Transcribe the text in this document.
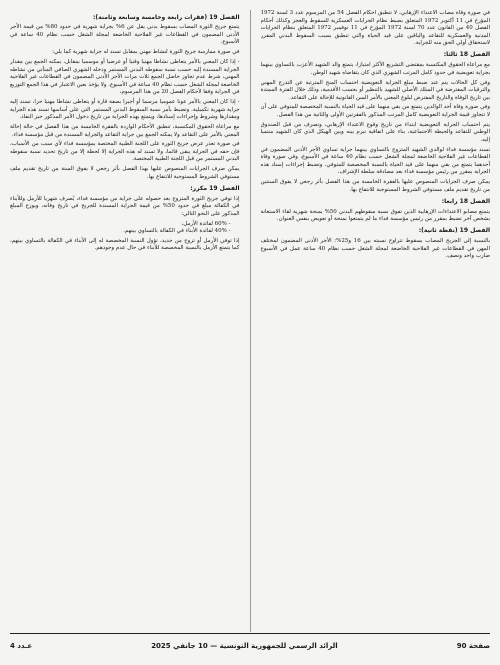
في صورة وفاة مصاب الاعتداء الإرهابي، لا تنطبق أحكام الفصل 54 من المرسوم عدد 3 لسنة 1972 المؤرخ في 11 أكتوبر 1972 المتعلق بضبط نظام الجرايات العسكرية للسقوط والعجز وكذلك أحكام الفصل 40 من القانون عدد 70 لسنة 1972 المؤرخ في 11 نوفمبر 1972 المتعلق بنظام الجرايات المدنية والعسكرية للتقاعد والباقين على قيد الحياة والتي تنطبق بسبب السقوط البدني المقرر لاستحقاق أولي الحق منه للجراية.

الفصل 18 ثالثا:

مع مراعاة الحقوق المكتسبة بمقتضى التشريع الأكثر امتيازا، يتمتع والد الشهيد الأعزب بالتساوي بينهما بجراية تعويضية في حدود كامل المرتب الشهري الذي كان يتقاضاه شهيد الوطن.

وفي كل الحالات يتم عند ضبط مبلغ الجراية التعويضية احتساب المنح المترتبة عن التدرج المهني والترقيات المفترضة في السلك الأصلي للشهيد بالتنظير أو بحسب الأقدمية، وذلك خلال الفترة الممتدة بين تاريخ الوفاة والتاريخ المفترض لبلوغ المعني بالأمر السن القانونية للإحالة على التقاعد.

وفي صورة وفاة أحد الوالدين يتمتع من بقي منهما على قيد الحياة بالنسبة المخصصة للمتوفي على أن لا تتجاوز قيمة الجراية التعويضية كامل المرتب المذكور بالفقرتين الأولى والثانية من هذا الفصل.

يتم احتساب الجراية التعويضية ابتداء من تاريخ وقوع الاعتداء الإرهابي، وتصرف من قبل الصندوق الوطني للتقاعد والحيطة الاجتماعية، بناء على اتفاقية تبرم بينه وبين الهيكل الذي كان الشهيد منتميا إليه.

تسند مؤسسة فداء لوالدي الشهيد المتزوج بالتساوي بينهما جراية تساوي الأجر الأدنى المضمون في القطاعات غير الفلاحية الخاضعة لمجلة الشغل حسب نظام 40 ساعة في الأسبوع، وفي صورة وفاة أحدهما يتمتع من بقي منهما على قيد الحياة بالنسبة المخصصة للمتوفي. وتضبط إجراءات إسناد هذه الجراية بمقرر من رئيس مؤسسة فداء بعد مصادقة سلطة الإشراف.

يمكن صرف الجرايات المنصوص عليها بالفقرة الخامسة من هذا الفصل بأثر رجعي لا يفوق السنتين من تاريخ تقديم ملف مستوفي الشروط المستوجبة للانتفاع بها.

الفصل 18 رابعا:

يتمتع مصابو الاعتداءات الإرهابية الذين تفوق نسبة سقوطهم البدني 50% بمنحة شهرية لقاء الاستعانة بشخص آخر تضبط بمقرر من رئيس مؤسسة فداء ما لم يتمتعوا بمنحة أو تعويض بنفس العنوان.

الفصل 19 (نقطة ثانية):

بالنسبة إلى الجريح المصاب بسقوط تتراوح نسبته بين 16 و25%: الأجر الأدنى المضمون لمختلف المهن في القطاعات غير الفلاحية الخاضعة لمجلة الشغل حسب نظام 40 ساعة عمل في الأسبوع ضارب واحد ونصف.

الفصل 19 (فقرات رابعة وخامسة وسابعة وثامنة):

يتمتع جريح الثورة المصاب بسقوط بدني يقل عن 6% بجراية شهرية في حدود 80% من قيمة الأجر الأدنى المضمون في القطاعات غير الفلاحية الخاضعة لمجلة الشغل حسب نظام 40 ساعة في الأسبوع.

في صورة ممارسة جريح الثورة لنشاط مهني بمقابل تسند له جراية شهرية كما يلي:

- إذا كان المعني بالأمر يتعاطى نشاطا مهنيا وقتيا أو عرضيا أو موسميا بمقابل، يمكنه الجمع بين مقدار الجراية المسندة إليه حسب نسبة سقوطه البدني المستمر ودخله الشهري الصافي المتأتي من نشاطه المهني، شرط عدم تجاوز حاصل الجمع ثلاث مرات الأجر الأدنى المضمون في القطاعات غير الفلاحية الخاضعة لمجلة الشغل حسب نظام 40 ساعة في الأسبوع. ولا يؤخذ بعين الاعتبار في هذا الجمع التوزيع في الجراية وفقا لأحكام الفصل 20 من هذا المرسوم،

- إذا كان المعني بالأمر عونا عموميا مرسما أو أجيرا بصفة قارة أو يتعاطى نشاطا مهنيا حرا، تسند إليه جراية شهرية تكميلية. وتضبط بأمر نسبة السقوط البدني المستمر التي على أساسها تسند هذه الجراية ومقدارها وشروط وإجراءات إسنادها، ويتمتع بهذه الجراية من تاريخ دخول الأمر المذكور حيز النفاذ.

مع مراعاة الحقوق المكتسبة، تنطبق الأحكام الواردة بالفقرة الخامسة من هذا الفصل في حالة إحالة المعني بالأمر على التقاعد ولا يمكنه الجمع بين جراية التقاعد والجراية المسندة من قبل مؤسسة فداء.

في صورة تعذر عرض جريح الثورة على اللجنة الطبية المختصة بمؤسسة فداء لأي سبب من الأسباب، فإن حقه في الجراية يبقى قائما، ولا تسند له هذه الجراية إلا لحظة إلا من تاريخ تحديد نسبة سقوطه البدني المستمر من قبل اللجنة الطبية المختصة.

يمكن صرف الجرايات المنصوص عليها بهذا الفصل بأثر رجعي لا يفوق السنة من تاريخ تقديم ملف مستوفي الشروط المستوجبة للانتفاع بها.

الفصل 19 مكرر:

إذا توفي جريح الثورة المتزوج بعد حصوله على جراية من مؤسسة فداء، يُصرف شهريا للأرمل وللأبناء في الكفالة مبلغ في حدود 50% من قيمة الجراية المسندة للجريح في تاريخ وفاته، ويوزع المبلغ المذكور على النحو التالي:

- 60% لفائدة الأرمل،
- 40% لفائدة الأبناء في الكفالة بالتساوي بينهم.

إذا توفي الأرمل أو تزوج من جديد، تؤول النسبة المخصصة له إلى الأبناء في الكفالة بالتساوي بينهم، كما يتمتع الأرمل بالنسبة المخصصة للأبناء في حال عدم وجودهم.

صفحة 90
الرائد الرسمي للجمهورية التونسية — 10 جانفي 2025
عـدد 4
